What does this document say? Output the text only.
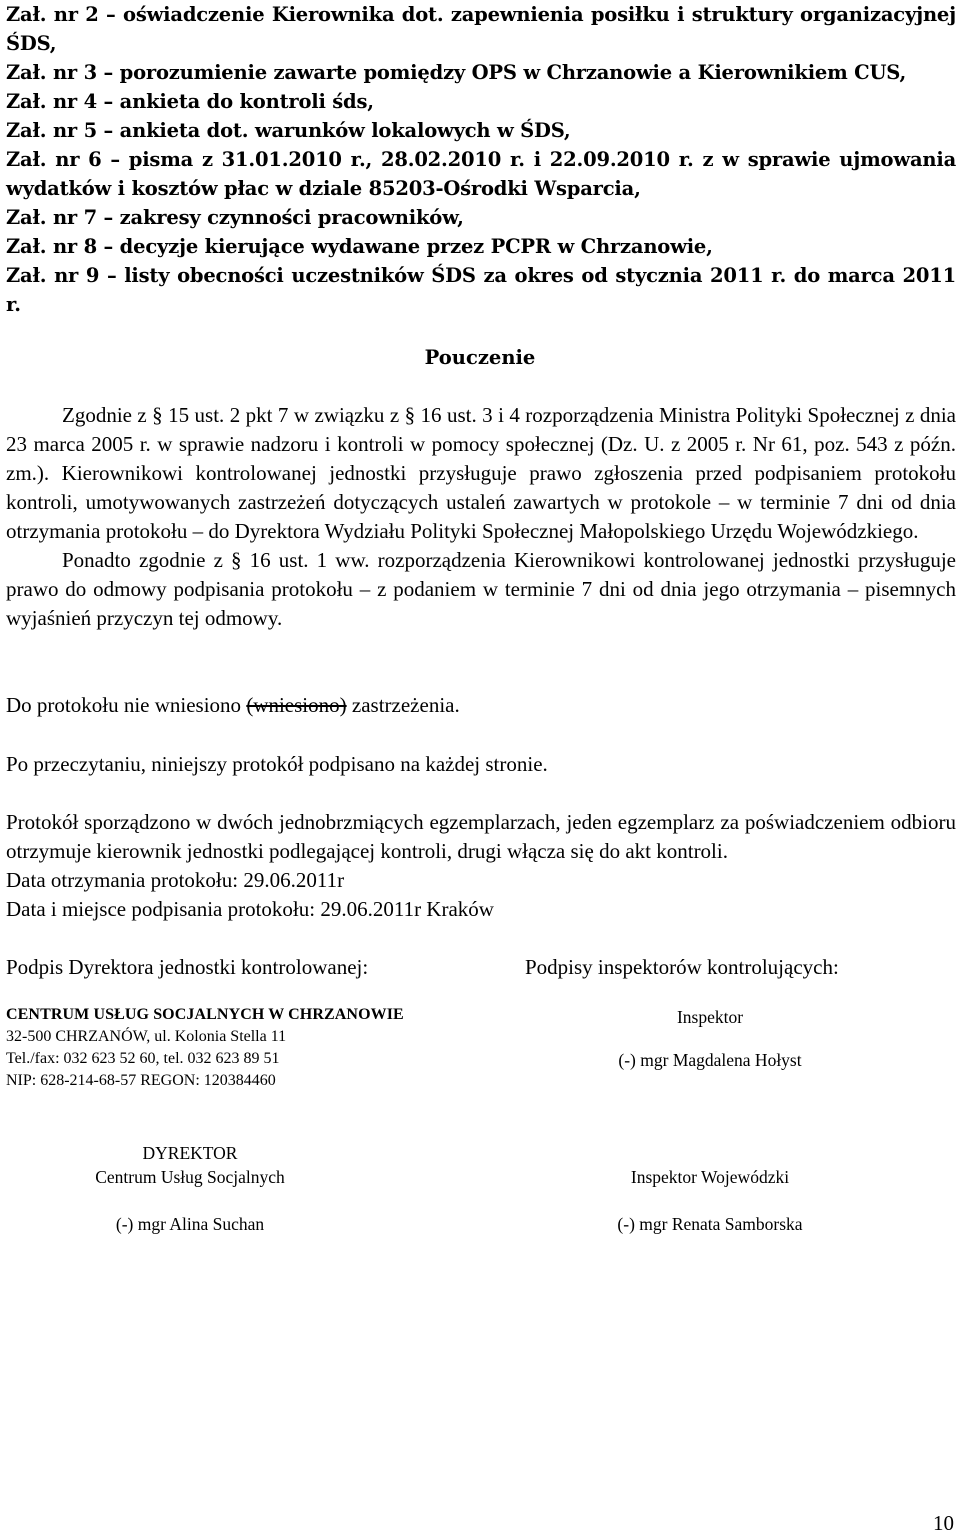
Zał. nr 2 – oświadczenie Kierownika dot. zapewnienia posiłku i struktury organizacyjnej ŚDS,

Zał. nr 3 – porozumienie zawarte pomiędzy OPS w Chrzanowie a Kierownikiem CUS,

Zał. nr 4 – ankieta do kontroli śds,

Zał. nr 5 – ankieta dot. warunków lokalowych w ŚDS,

Zał. nr 6 – pisma z 31.01.2010 r., 28.02.2010 r. i 22.09.2010 r. z w sprawie ujmowania wydatków i kosztów płac w dziale 85203-Ośrodki Wsparcia,

Zał. nr 7 – zakresy czynności pracowników,

Zał. nr 8 – decyzje kierujące wydawane przez PCPR w Chrzanowie,

Zał. nr 9 – listy obecności uczestników ŚDS za okres od stycznia 2011 r. do marca 2011 r.

Pouczenie

Zgodnie z § 15 ust. 2 pkt 7 w związku z § 16 ust. 3 i 4 rozporządzenia Ministra Polityki Społecznej z dnia 23 marca 2005 r. w sprawie nadzoru i kontroli w pomocy społecznej (Dz. U. z 2005 r. Nr 61, poz. 543 z późn. zm.). Kierownikowi kontrolowanej jednostki przysługuje prawo zgłoszenia przed podpisaniem protokołu kontroli, umotywowanych zastrzeżeń dotyczących ustaleń zawartych w protokole – w terminie 7 dni od dnia otrzymania protokołu – do Dyrektora Wydziału Polityki Społecznej Małopolskiego Urzędu Wojewódzkiego.

Ponadto zgodnie z § 16 ust. 1 ww. rozporządzenia Kierownikowi kontrolowanej jednostki przysługuje prawo do odmowy podpisania protokołu – z podaniem w terminie 7 dni od dnia jego otrzymania – pisemnych wyjaśnień przyczyn tej odmowy.

Do protokołu nie wniesiono (wniesiono) zastrzeżenia.

Po przeczytaniu, niniejszy protokół podpisano na każdej stronie.

Protokół sporządzono w dwóch jednobrzmiących egzemplarzach, jeden egzemplarz za poświadczeniem odbioru otrzymuje kierownik jednostki podlegającej kontroli, drugi włącza się do akt kontroli.

Data otrzymania protokołu: 29.06.2011r

Data i miejsce podpisania protokołu: 29.06.2011r Kraków

Podpis Dyrektora jednostki kontrolowanej:	Podpisy inspektorów kontrolujących:
CENTRUM USŁUG SOCJALNYCH W CHRZANOWIE
32-500 CHRZANÓW, ul. Kolonia Stella 11
Tel./fax: 032 623 52 60, tel. 032 623 89 51
NIP: 628-214-68-57 REGON: 120384460
Inspektor
(-) mgr Magdalena Hołyst
DYREKTOR
Centrum Usług Socjalnych
(-) mgr Alina Suchan
Inspektor Wojewódzki
(-) mgr Renata Samborska
10
